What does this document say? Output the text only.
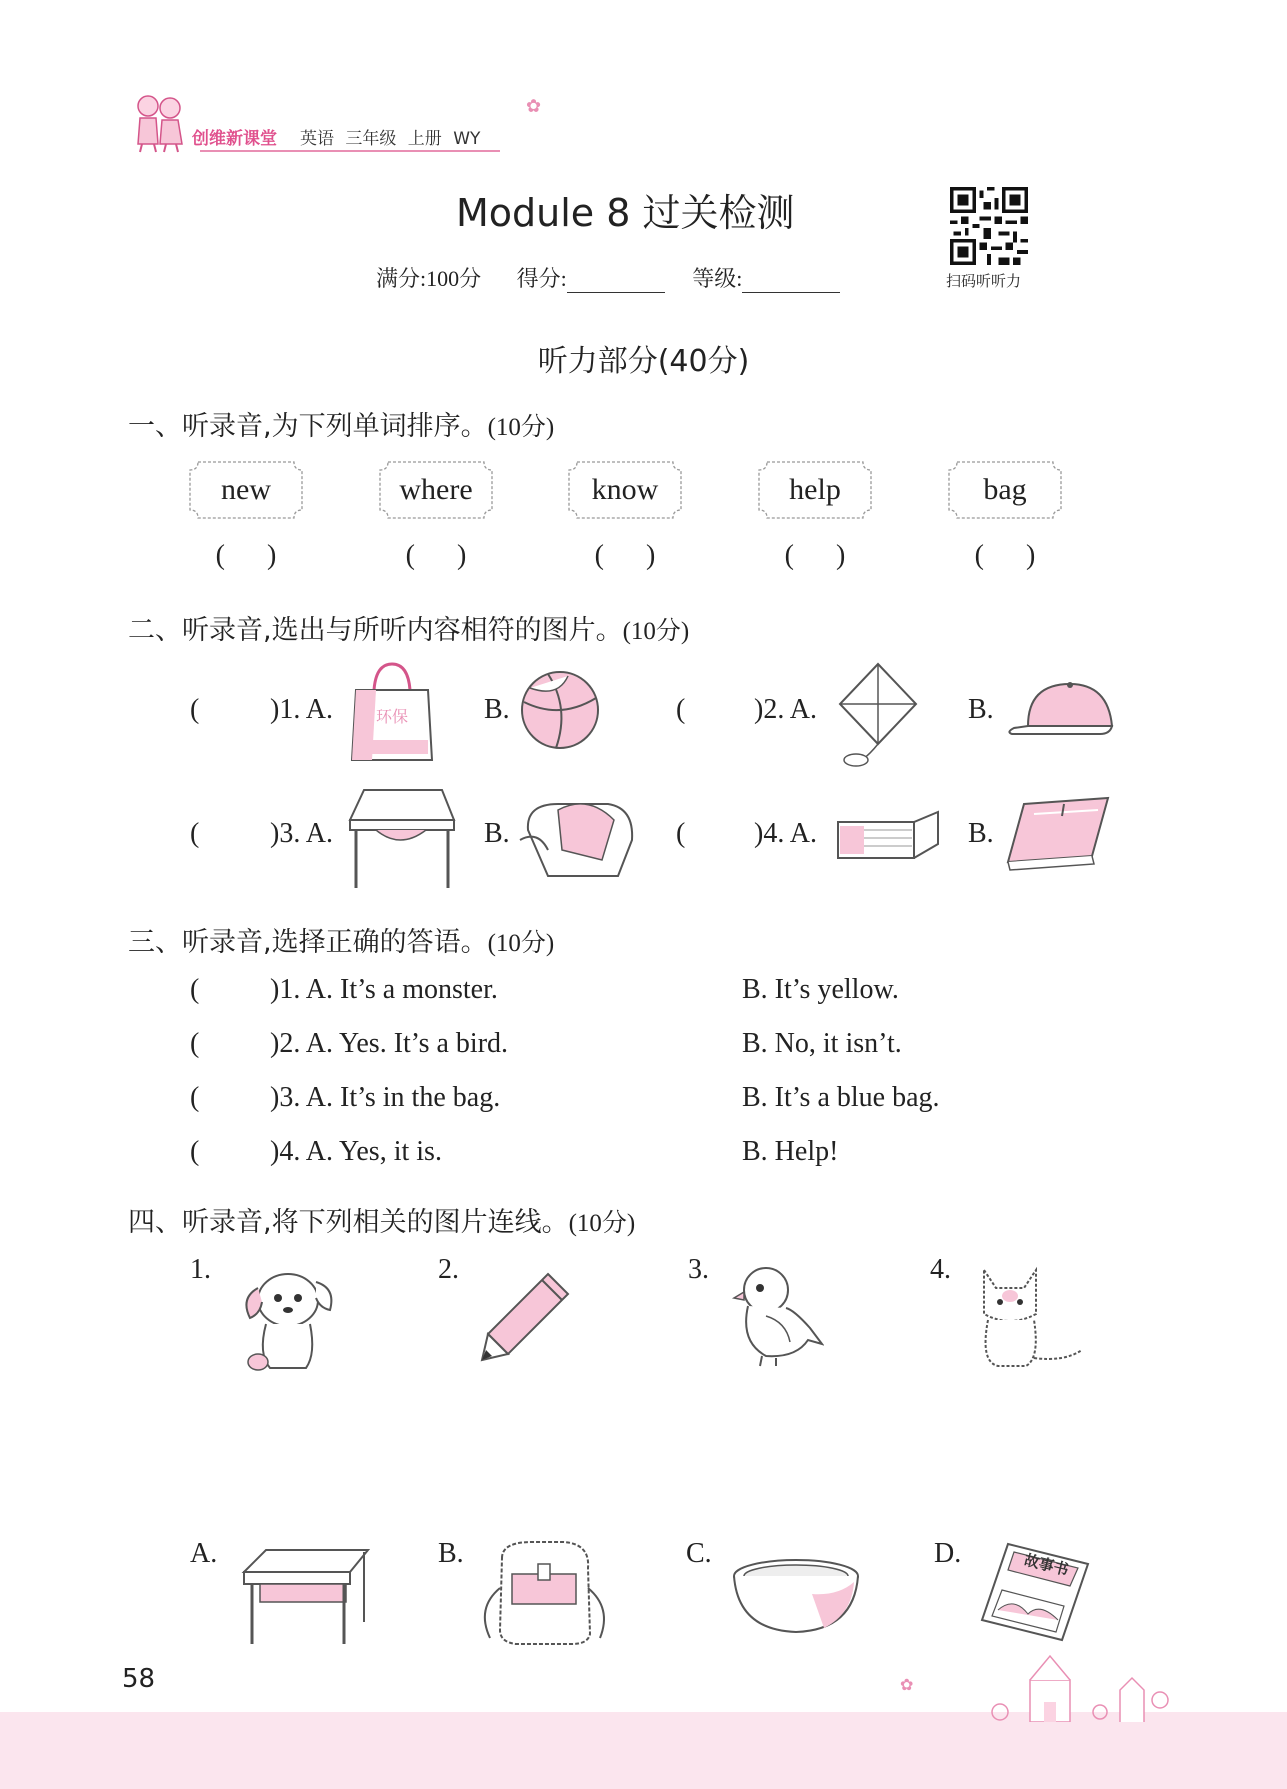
创维新课堂 英语 三年级 上册 WY
✿
Module 8 过关检测
满分:100分 得分:	等级:	扫码听听力
听力部分(40分)
一、听录音,为下列单词排序。(10分)
new	where	know	help	bag
(      )	(      )	(      )	(      )	(      )
二、听录音,选出与所听内容相符的图片。(10分)
(	)1. A.	环保	B.	( )2. A.	B.
(	)3. A.	B.	( )4. A.	B.
三、听录音,选择正确的答语。(10分)
(	)1. A. It’s a monster.	B. It’s yellow.
(	)2. A. Yes. It’s a bird.	B. No, it isn’t.
(	)3. A. It’s in the bag.	B. It’s a blue bag.
(	)4. A. Yes, it is.	B. Help!
四、听录音,将下列相关的图片连线。(10分)
1.	2.	3.	4.
A.	B.	C.	D.	故事书
58	✿
